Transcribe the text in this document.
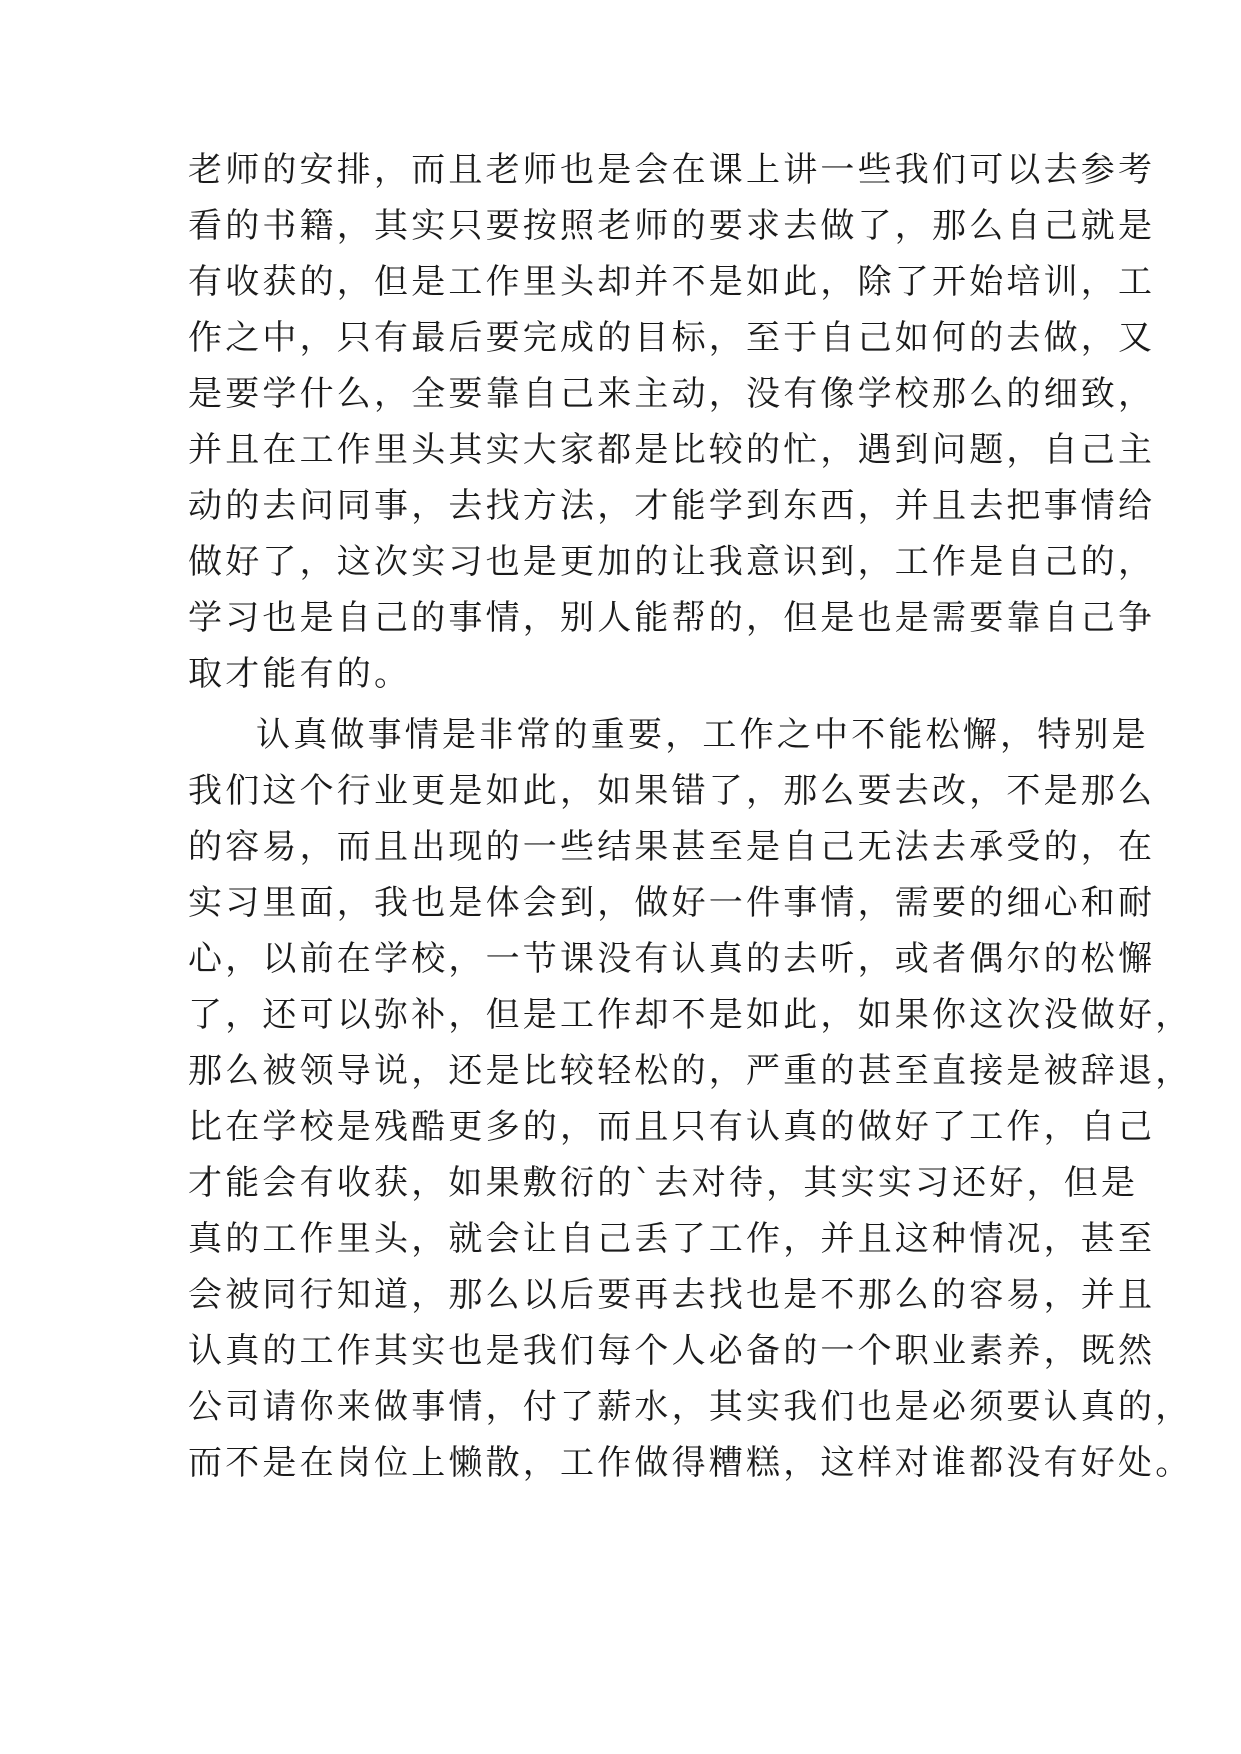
老师的安排，而且老师也是会在课上讲一些我们可以去参考
看的书籍，其实只要按照老师的要求去做了，那么自己就是
有收获的，但是工作里头却并不是如此，除了开始培训，工
作之中，只有最后要完成的目标，至于自己如何的去做，又
是要学什么，全要靠自己来主动，没有像学校那么的细致，
并且在工作里头其实大家都是比较的忙，遇到问题，自己主
动的去问同事，去找方法，才能学到东西，并且去把事情给
做好了，这次实习也是更加的让我意识到，工作是自己的，
学习也是自己的事情，别人能帮的，但是也是需要靠自己争
取才能有的。
认真做事情是非常的重要，工作之中不能松懈，特别是
我们这个行业更是如此，如果错了，那么要去改，不是那么
的容易，而且出现的一些结果甚至是自己无法去承受的，在
实习里面，我也是体会到，做好一件事情，需要的细心和耐
心，以前在学校，一节课没有认真的去听，或者偶尔的松懈
了，还可以弥补，但是工作却不是如此，如果你这次没做好，
那么被领导说，还是比较轻松的，严重的甚至直接是被辞退，
比在学校是残酷更多的，而且只有认真的做好了工作，自己
才能会有收获，如果敷衍的`去对待，其实实习还好，但是
真的工作里头，就会让自己丢了工作，并且这种情况，甚至
会被同行知道，那么以后要再去找也是不那么的容易，并且
认真的工作其实也是我们每个人必备的一个职业素养，既然
公司请你来做事情，付了薪水，其实我们也是必须要认真的，
而不是在岗位上懒散，工作做得糟糕，这样对谁都没有好处。
